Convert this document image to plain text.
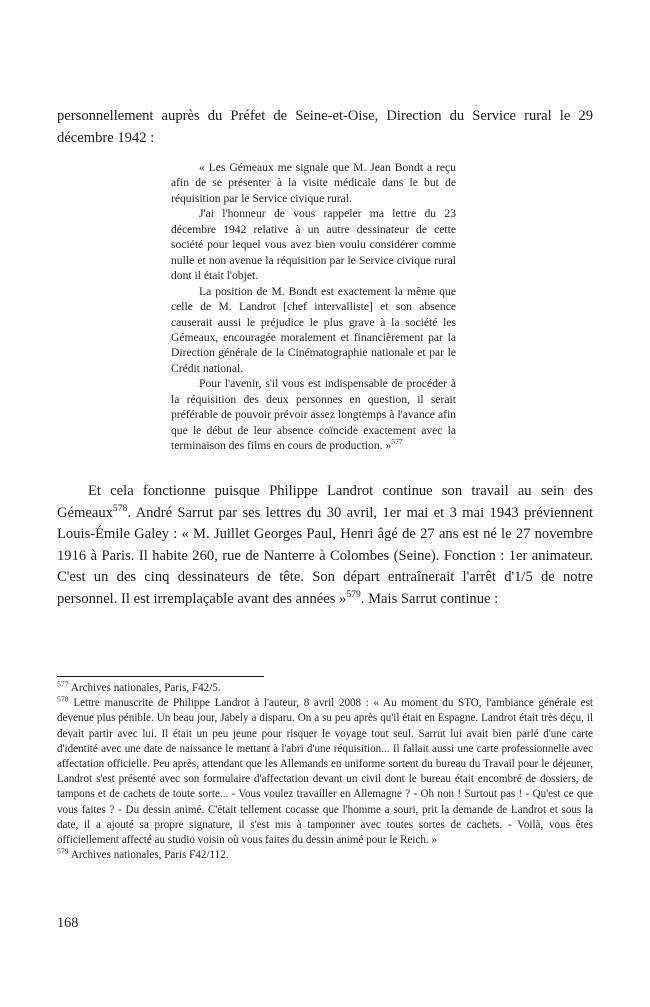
personnellement auprès du Préfet de Seine-et-Oise, Direction du Service rural le 29 décembre 1942 :

« Les Gémeaux me signale que M. Jean Bondt a reçu afin de se présenter à la visite médicale dans le but de réquisition par le Service civique rural.

J'ai l'honneur de vous rappeler ma lettre du 23 décembre 1942 relative à un autre dessinateur de cette société pour lequel vous avez bien voulu considérer comme nulle et non avenue la réquisition par le Service civique rural dont il était l'objet.

La position de M. Bondt est exactement la même que celle de M. Landrot [chef intervalliste] et son absence causerait aussi le préjudice le plus grave à la société les Gémeaux, encouragée moralement et financièrement par la Direction générale de la Cinématographie nationale et par le Crédit national.

Pour l'avenir, s'il vous est indispensable de procéder à la réquisition des deux personnes en question, il serait préférable de pouvoir prévoir assez longtemps à l'avance afin que le début de leur absence coïncide exactement avec la terminaison des films en cours de production. »$^{577}$

Et cela fonctionne puisque Philippe Landrot continue son travail au sein des Gémeaux$^{578}$. André Sarrut par ses lettres du 30 avril, 1er mai et 3 mai 1943 préviennent Louis-Émile Galey : « M. Juillet Georges Paul, Henri âgé de 27 ans est né le 27 novembre 1916 à Paris. Il habite 260, rue de Nanterre à Colombes (Seine). Fonction : 1er animateur. C'est un des cinq dessinateurs de tête. Son départ entraînerait l'arrêt d'1/5 de notre personnel. Il est irremplaçable avant des années »$^{579}$. Mais Sarrut continue :

$^{577}$ Archives nationales, Paris, F42/5.

$^{578}$ Lettre manuscrite de Philippe Landrot à l'auteur, 8 avril 2008 : « Au moment du STO, l'ambiance générale est devenue plus pénible. Un beau jour, Jabely a disparu. On a su peu après qu'il était en Espagne. Landrot était très déçu, il devait partir avec lui. Il était un peu jeune pour risquer le voyage tout seul. Sarrut lui avait bien parlé d'une carte d'identité avec une date de naissance le mettant à l'abri d'une réquisition... Il fallait aussi une carte professionnelle avec affectation officielle. Peu après, attendant que les Allemands en uniforme sortent du bureau du Travail pour le déjeuner, Landrot s'est présenté avec son formulaire d'affectation devant un civil dont le bureau était encombré de dossiers, de tampons et de cachets de toute sorte... - Vous voulez travailler en Allemagne ? - Oh non ! Surtout pas ! - Qu'est ce que vous faites ? - Du dessin animé. C'était tellement cocasse que l'homme a souri, prit la demande de Landrot et sous la date, il a ajouté sa propre signature, il s'est mis à tamponner avec toutes sortes de cachets. - Voilà, vous êtes officiellement affecté au studio voisin où vous faites du dessin animé pour le Reich. »

$^{579}$ Archives nationales, Paris F42/112.

168
